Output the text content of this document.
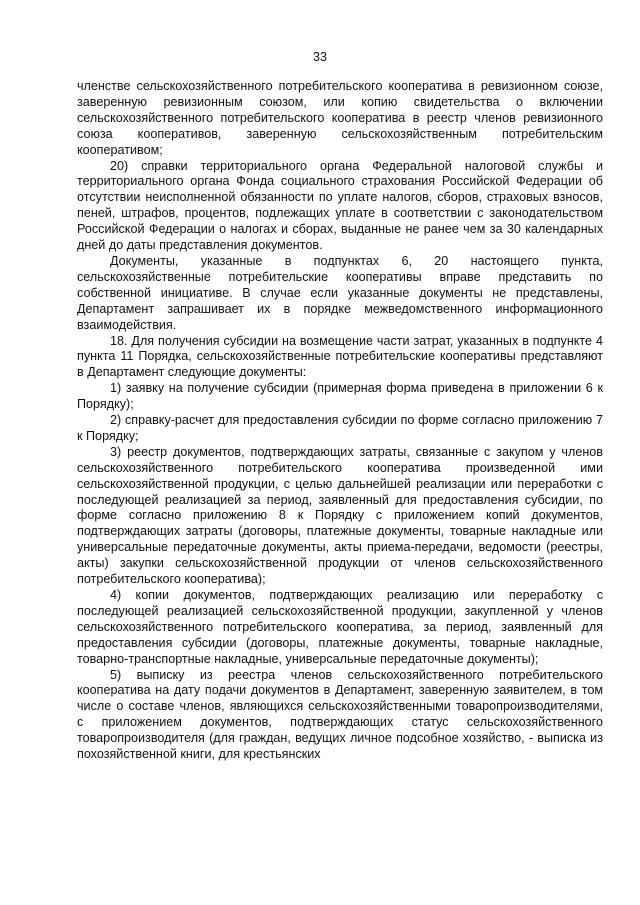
33

членстве сельскохозяйственного потребительского кооператива в ревизионном союзе, заверенную ревизионным союзом, или копию свидетельства о включении сельскохозяйственного потребительского кооператива в реестр членов ревизионного союза кооперативов, заверенную сельскохозяйственным потребительским кооперативом;

20) справки территориального органа Федеральной налоговой службы и территориального органа Фонда социального страхования Российской Федерации об отсутствии неисполненной обязанности по уплате налогов, сборов, страховых взносов, пеней, штрафов, процентов, подлежащих уплате в соответствии с законодательством Российской Федерации о налогах и сборах, выданные не ранее чем за 30 календарных дней до даты представления документов.

Документы, указанные в подпунктах 6, 20 настоящего пункта, сельскохозяйственные потребительские кооперативы вправе представить по собственной инициативе. В случае если указанные документы не представлены, Департамент запрашивает их в порядке межведомственного информационного взаимодействия.

18. Для получения субсидии на возмещение части затрат, указанных в подпункте 4 пункта 11 Порядка, сельскохозяйственные потребительские кооперативы представляют в Департамент следующие документы:

1) заявку на получение субсидии (примерная форма приведена в приложении 6 к Порядку);

2) справку-расчет для предоставления субсидии по форме согласно приложению 7 к Порядку;

3) реестр документов, подтверждающих затраты, связанные с закупом у членов сельскохозяйственного потребительского кооператива произведенной ими сельскохозяйственной продукции, с целью дальнейшей реализации или переработки с последующей реализацией за период, заявленный для предоставления субсидии, по форме согласно приложению 8 к Порядку с приложением копий документов, подтверждающих затраты (договоры, платежные документы, товарные накладные или универсальные передаточные документы, акты приема-передачи, ведомости (реестры, акты) закупки сельскохозяйственной продукции от членов сельскохозяйственного потребительского кооператива);

4) копии документов, подтверждающих реализацию или переработку с последующей реализацией сельскохозяйственной продукции, закупленной у членов сельскохозяйственного потребительского кооператива, за период, заявленный для предоставления субсидии (договоры, платежные документы, товарные накладные, товарно-транспортные накладные, универсальные передаточные документы);

5) выписку из реестра членов сельскохозяйственного потребительского кооператива на дату подачи документов в Департамент, заверенную заявителем, в том числе о составе членов, являющихся сельскохозяйственными товаропроизводителями, с приложением документов, подтверждающих статус сельскохозяйственного товаропроизводителя (для граждан, ведущих личное подсобное хозяйство, - выписка из похозяйственной книги, для крестьянских
